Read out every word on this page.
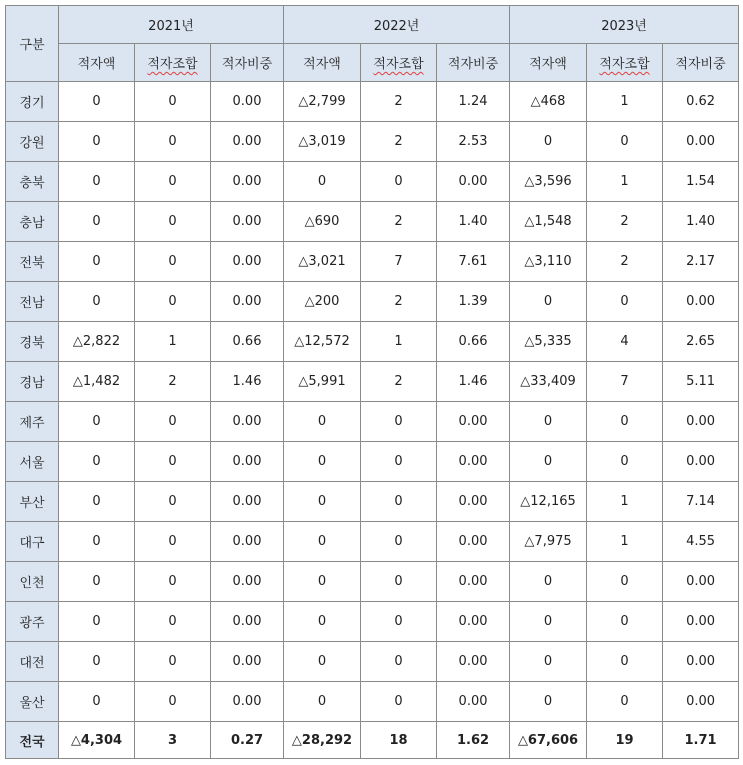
구분	2021년			2022년			2023년		
	적자액	적자조합	적자비중	적자액	적자조합	적자비중	적자액	적자조합	적자비중
경기	0	0	0.00	△2,799	2	1.24	△468	1	0.62
강원	0	0	0.00	△3,019	2	2.53	0	0	0.00
충북	0	0	0.00	0	0	0.00	△3,596	1	1.54
충남	0	0	0.00	△690	2	1.40	△1,548	2	1.40
전북	0	0	0.00	△3,021	7	7.61	△3,110	2	2.17
전남	0	0	0.00	△200	2	1.39	0	0	0.00
경북	△2,822	1	0.66	△12,572	1	0.66	△5,335	4	2.65
경남	△1,482	2	1.46	△5,991	2	1.46	△33,409	7	5.11
제주	0	0	0.00	0	0	0.00	0	0	0.00
서울	0	0	0.00	0	0	0.00	0	0	0.00
부산	0	0	0.00	0	0	0.00	△12,165	1	7.14
대구	0	0	0.00	0	0	0.00	△7,975	1	4.55
인천	0	0	0.00	0	0	0.00	0	0	0.00
광주	0	0	0.00	0	0	0.00	0	0	0.00
대전	0	0	0.00	0	0	0.00	0	0	0.00
울산	0	0	0.00	0	0	0.00	0	0	0.00
전국	△4,304	3	0.27	△28,292	18	1.62	△67,606	19	1.71
